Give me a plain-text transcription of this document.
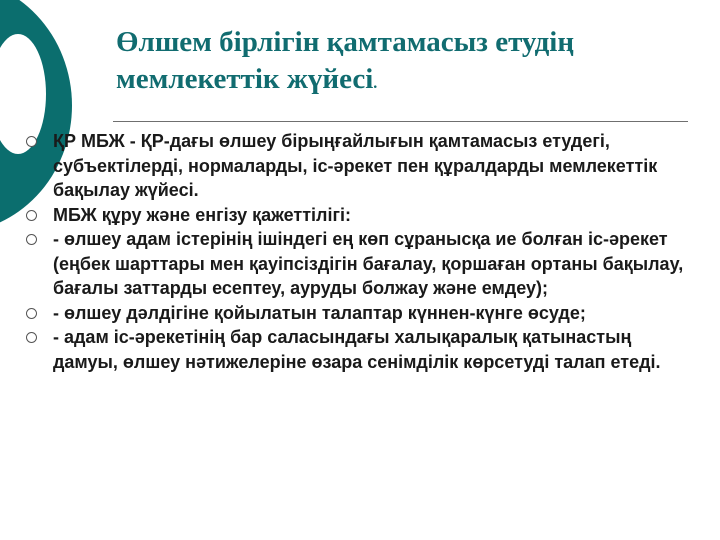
Өлшем бірлігін қамтамасыз етудің мемлекеттік жүйесі.
ҚР МБЖ - ҚР-дағы өлшеу бірыңғайлығын қамтамасыз етудегі, субъектілерді, нормаларды, іс-әрекет пен құралдарды мемлекеттік бақылау жүйесі.
МБЖ құру және енгізу қажеттілігі:
- өлшеу адам істерінің ішіндегі ең көп сұранысқа ие болған іс-әрекет (еңбек шарттары мен қауіпсіздігін бағалау, қоршаған ортаны бақылау, бағалы заттарды есептеу, ауруды болжау және емдеу);
- өлшеу дәлдігіне қойылатын талаптар күннен-күнге өсуде;
- адам іс-әрекетінің бар саласындағы халықаралық қатынастың дамуы, өлшеу нәтижелеріне өзара сенімділік көрсетуді талап етеді.
